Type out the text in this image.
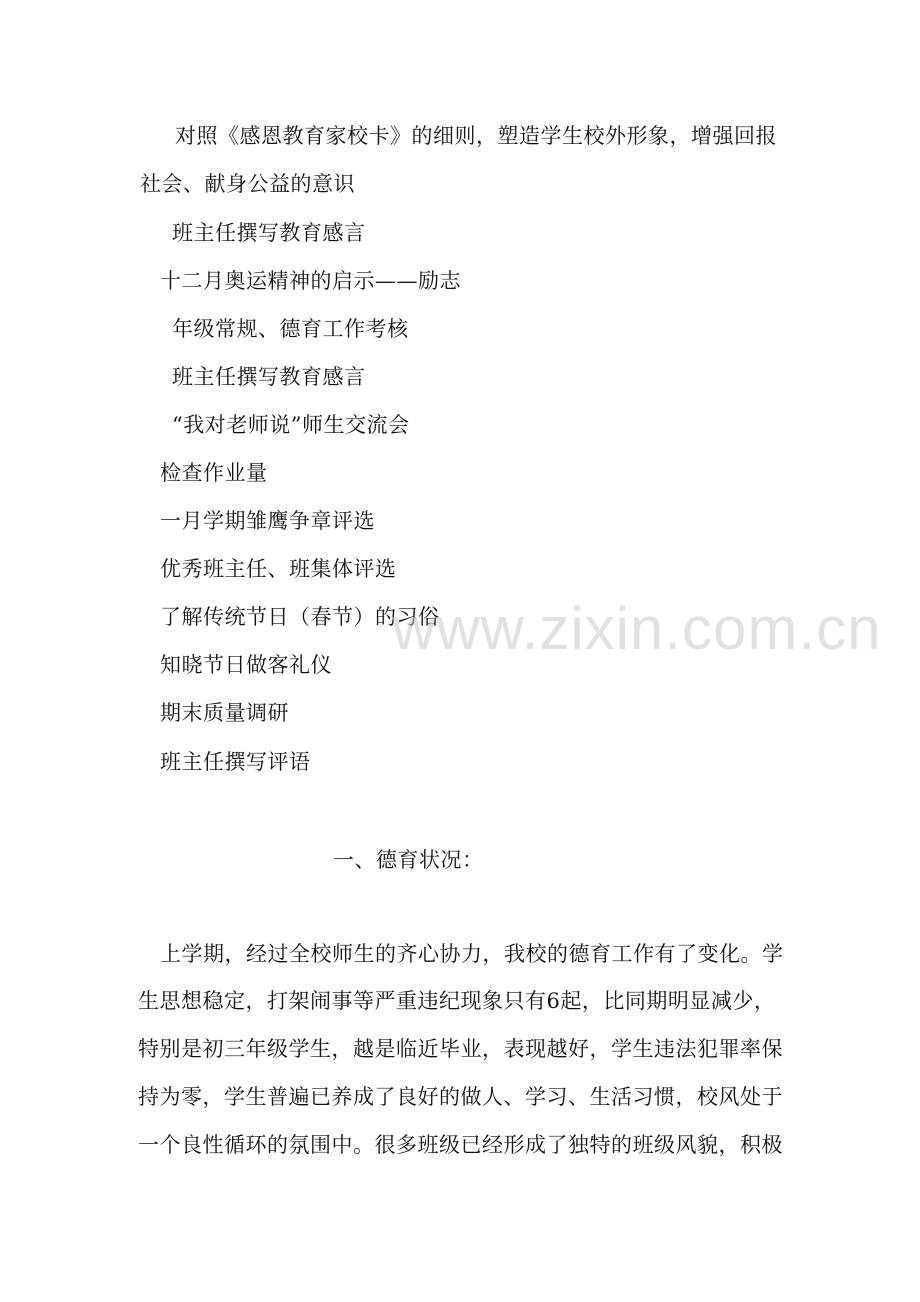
对照《感恩教育家校卡》的细则，塑造学生校外形象，增强回报
社会、献身公益的意识
班主任撰写教育感言
十二月奥运精神的启示——励志
年级常规、德育工作考核
班主任撰写教育感言
“我对老师说”师生交流会
检查作业量
一月学期雏鹰争章评选
优秀班主任、班集体评选
了解传统节日（春节）的习俗
知晓节日做客礼仪
期末质量调研
班主任撰写评语
一、德育状况：
上学期，经过全校师生的齐心协力，我校的德育工作有了变化。学
生思想稳定，打架闹事等严重违纪现象只有6起，比同期明显减少，
特别是初三年级学生，越是临近毕业，表现越好，学生违法犯罪率保
持为零，学生普遍已养成了良好的做人、学习、生活习惯，校风处于
一个良性循环的氛围中。很多班级已经形成了独特的班级风貌，积极
www.zixin.com.cn
